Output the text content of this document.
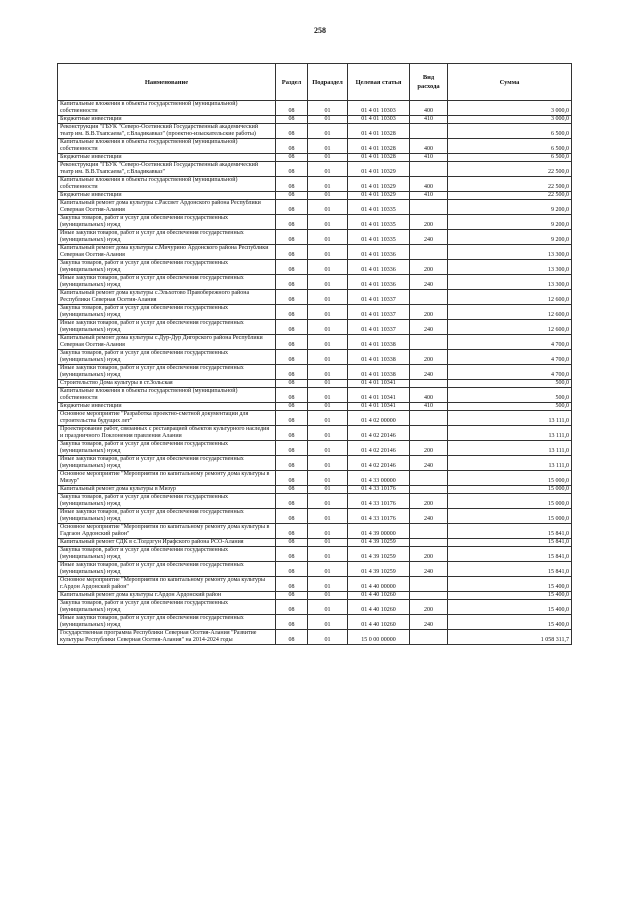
258
Наименование	Раздел	Подраздел	Целевая статья	Вид расхода	Сумма
Капитальные вложения в объекты государственной (муниципальной) собственности	08	01	01 4 01 10303	400	3 000,0
Бюджетные инвестиции	08	01	01 4 01 10303	410	3 000,0
Реконструкция "ГБУК "Северо-Осетинский Государственный академический театр им. В.В.Тхапсаева", г.Владикавказ" (проектно-изыскательские работы)	08	01	01 4 01 10328		6 500,0
Капитальные вложения в объекты государственной (муниципальной) собственности	08	01	01 4 01 10328	400	6 500,0
Бюджетные инвестиции	08	01	01 4 01 10328	410	6 500,0
Реконструкция "ГБУК "Северо-Осетинский Государственный академический театр им. В.В.Тхапсаева", г.Владикавказ"	08	01	01 4 01 10329		22 500,0
Капитальные вложения в объекты государственной (муниципальной) собственности	08	01	01 4 01 10329	400	22 500,0
Бюджетные инвестиции	08	01	01 4 01 10329	410	22 500,0
Капитальный ремонт дома культуры с.Рассвет Ардонского района Республики Северная Осетия-Алания	08	01	01 4 01 10335		9 200,0
Закупка товаров, работ и услуг для обеспечения государственных (муниципальных) нужд	08	01	01 4 01 10335	200	9 200,0
Иные закупки товаров, работ и услуг для обеспечения государственных (муниципальных) нужд	08	01	01 4 01 10335	240	9 200,0
Капитальный ремонт дома культуры с.Мичурино Ардонского района Республики Северная Осетия-Алания	08	01	01 4 01 10336		13 300,0
Закупка товаров, работ и услуг для обеспечения государственных (муниципальных) нужд	08	01	01 4 01 10336	200	13 300,0
Иные закупки товаров, работ и услуг для обеспечения государственных (муниципальных) нужд	08	01	01 4 01 10336	240	13 300,0
Капитальный ремонт дома культуры с.Эльхотово Правобережного района Республики Северная Осетия-Алания	08	01	01 4 01 10337		12 600,0
Закупка товаров, работ и услуг для обеспечения государственных (муниципальных) нужд	08	01	01 4 01 10337	200	12 600,0
Иные закупки товаров, работ и услуг для обеспечения государственных (муниципальных) нужд	08	01	01 4 01 10337	240	12 600,0
Капитальный ремонт дома культуры с.Дур-Дур Дигорского района Республики Северная Осетия-Алания	08	01	01 4 01 10338		4 700,0
Закупка товаров, работ и услуг для обеспечения государственных (муниципальных) нужд	08	01	01 4 01 10338	200	4 700,0
Иные закупки товаров, работ и услуг для обеспечения государственных (муниципальных) нужд	08	01	01 4 01 10338	240	4 700,0
Строительство Дома культуры в ст.Зольская	08	01	01 4 01 10341		500,0
Капитальные вложения в объекты государственной (муниципальной) собственности	08	01	01 4 01 10341	400	500,0
Бюджетные инвестиции	08	01	01 4 01 10341	410	500,0
Основное мероприятие "Разработка проектно-сметной документации для строительства будущих лет"	08	01	01 4 02 00000		13 111,0
Проектирование работ, связанных с реставрацией объектов культурного наследия и праздничного Поклонения правления Алании	08	01	01 4 02 20146		13 111,0
Закупка товаров, работ и услуг для обеспечения государственных (муниципальных) нужд	08	01	01 4 02 20146	200	13 111,0
Иные закупки товаров, работ и услуг для обеспечения государственных (муниципальных) нужд	08	01	01 4 02 20146	240	13 111,0
Основное мероприятие "Мероприятия по капитальному ремонту дома культуры в Мизур"	08	01	01 4 33 00000		15 000,0
Капитальный ремонт дома культуры в Мизур	08	01	01 4 33 10176		15 000,0
Закупка товаров, работ и услуг для обеспечения государственных (муниципальных) нужд	08	01	01 4 33 10176	200	15 000,0
Иные закупки товаров, работ и услуг для обеспечения государственных (муниципальных) нужд	08	01	01 4 33 10176	240	15 000,0
Основное мероприятие "Мероприятия по капитальному ремонту дома культуры в Гадгаон Ардонский район"	08	01	01 4 39 00000		15 841,0
Капитальный ремонт СДК в с.Толдзгун Ирафского района РСО-Алания	08	01	01 4 39 10259		15 841,0
Закупка товаров, работ и услуг для обеспечения государственных (муниципальных) нужд	08	01	01 4 39 10259	200	15 841,0
Иные закупки товаров, работ и услуг для обеспечения государственных (муниципальных) нужд	08	01	01 4 39 10259	240	15 841,0
Основное мероприятие "Мероприятия по капитальному ремонту дома культуры г.Ардон Ардонский район"	08	01	01 4 40 00000		15 400,0
Капитальный ремонт дома культуры г.Ардон Ардонский район	08	01	01 4 40 10260		15 400,0
Закупка товаров, работ и услуг для обеспечения государственных (муниципальных) нужд	08	01	01 4 40 10260	200	15 400,0
Иные закупки товаров, работ и услуг для обеспечения государственных (муниципальных) нужд	08	01	01 4 40 10260	240	15 400,0
Государственная программа Республики Северная Осетия-Алания "Развитие культуры Республики Северная Осетия-Алания" на 2014-2024 годы	08	01	15 0 00 00000		1 058 311,7
